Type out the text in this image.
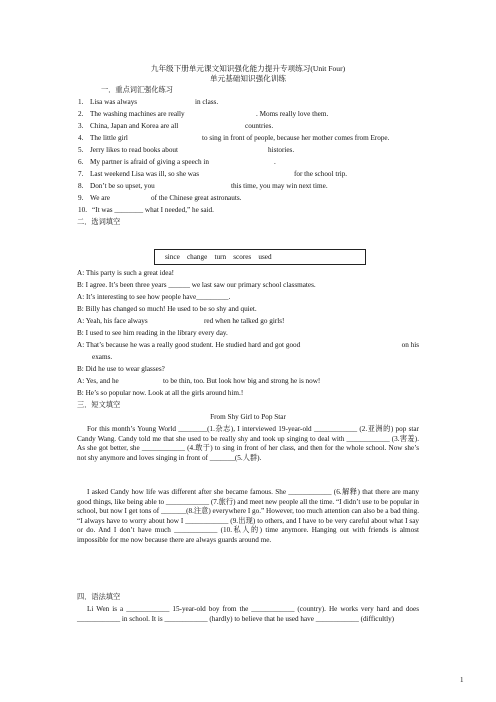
九年级下册单元课文知识强化能力提升专项练习(Unit Four)
单元基础知识强化训练
一．重点词汇强化练习
1. Lisa was always	in class.
2. The washing machines are really	. Moms really love them.
3. China, Japan and Korea are all	countries.
4. The little girl	to sing in front of people, because her mother comes from Erope.
5. Jerry likes to read books about	histories.
6. My partner is afraid of giving a speech in	.
7. Last weekend Lisa was ill, so she was	for the school trip.
8. Don’t be so upset, you	this time, you may win next time.
9. We are	of the Chinese great astronauts.
10. “It was ________ what I needed,” he said.
二．选词填空
since    change    turn    scores    used
A: This party is such a great idea!
B: I agree. It’s been three years ______ we last saw our primary school classmates.
A: It’s interesting to see how people have_________.
B: Billy has changed so much! He used to be so shy and quiet.
A: Yeah, his face always	red when he talked go girls!
B: I used to see him reading in the library every day.
A: That’s because he was a really good student. He studied hard and got good	on his
exams.
B: Did he use to wear glasses?
A: Yes, and he	to be thin, too. But look how big and strong he is now!
B: He’s so popular now. Look at all the girls around him.!
三．短文填空
From Shy Girl to Pop Star
For this month’s Young World ________(1.杂志), I interviewed 19-year-old ____________ (2.亚洲的) pop star Candy Wang. Candy told me that she used to be really shy and took up singing to deal with ____________ (3.害羞). As she got better, she ____________ (4.敢于) to sing in front of her class, and then for the whole school. Now she’s not shy anymore and loves singing in front of _______(5.人群).
I asked Candy how life was different after she became famous. She ____________ (6.解释) that there are many good things, like being able to ____________ (7.旅行) and meet new people all the time. “I didn’t use to be popular in school, but now I get tons of _______(8.注意) everywhere I go.” However, too much attention can also be a bad thing. “I always have to worry about how I ____________ (9.出现) to others, and I have to be very careful about what I say or do. And I don’t have much ____________ (10.私人的) time anymore. Hanging out with friends is almost impossible for me now because there are always guards around me.
四．语法填空
Li Wen is a ____________ 15-year-old boy from the ____________ (country). He works very hard and does ____________ in school. It is ____________ (hardly) to believe that he used have ____________ (difficultly)
1
